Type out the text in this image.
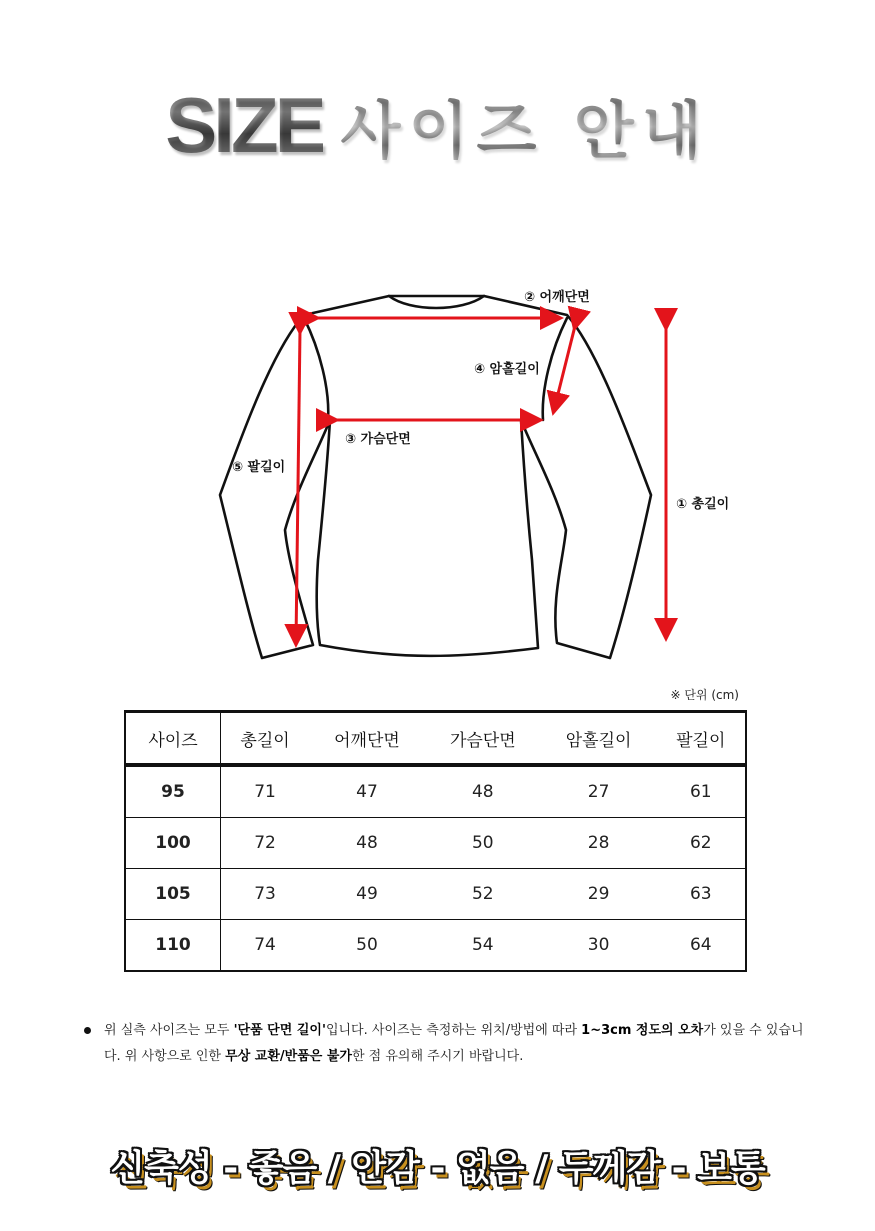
SIZE 사이즈 안내
② 어깨단면
④ 암홀길이
③ 가슴단면
⑤ 팔길이
① 총길이
※ 단위 (cm)
사이즈	총길이	어깨단면	가슴단면	암홀길이	팔길이
95	71	47	48	27	61
100	72	48	50	28	62
105	73	49	52	29	63
110	74	50	54	30	64
위 실측 사이즈는 모두 '단품 단면 길이'입니다. 사이즈는 측정하는 위치/방법에 따라 1~3cm 정도의 오차가 있을 수 있습니다. 위 사항으로 인한 무상 교환/반품은 불가한 점 유의해 주시기 바랍니다.
신축성 - 좋음 / 안감 - 없음 / 두께감 - 보통
